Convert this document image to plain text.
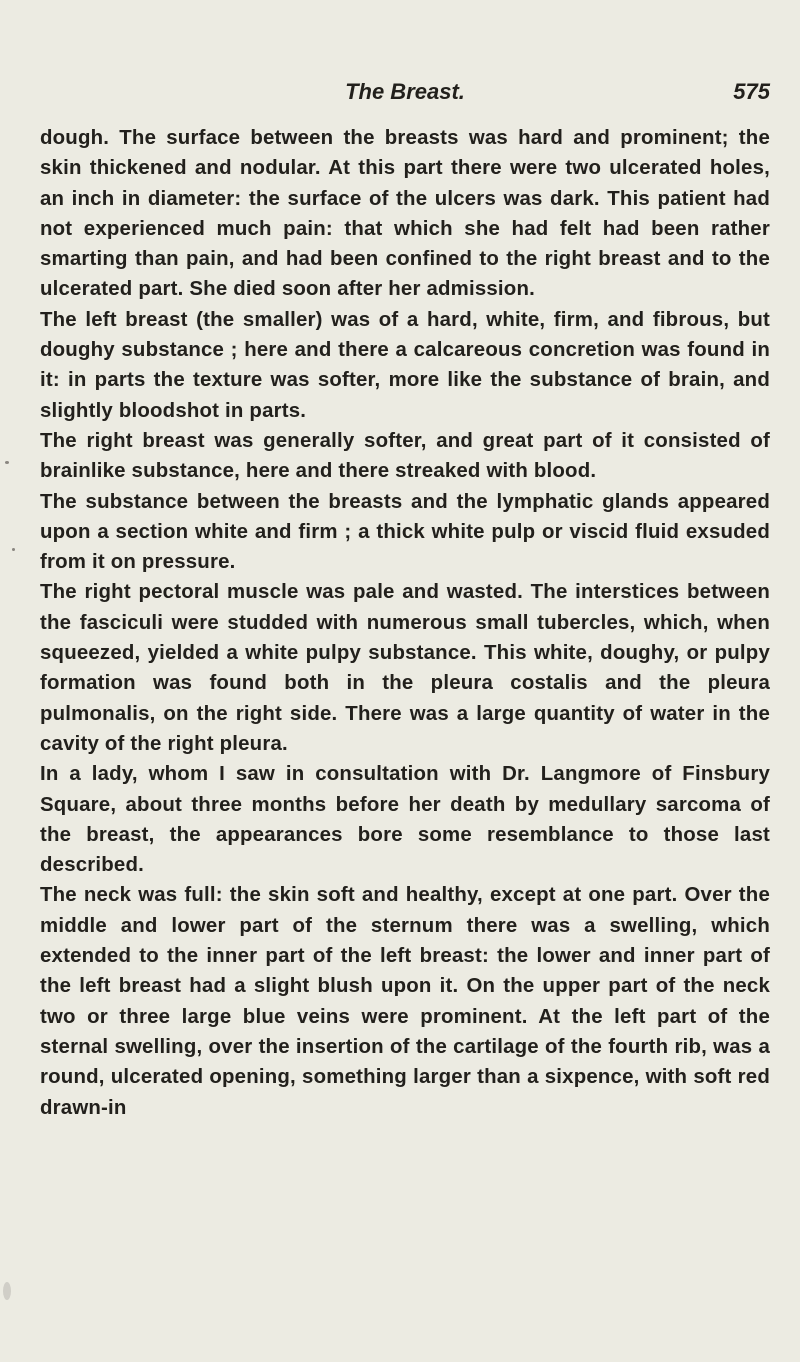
The Breast.	575

dough. The surface between the breasts was hard and prominent; the skin thickened and nodular. At this part there were two ulcerated holes, an inch in diameter: the surface of the ulcers was dark. This patient had not experienced much pain: that which she had felt had been rather smarting than pain, and had been confined to the right breast and to the ulcerated part. She died soon after her admission.

The left breast (the smaller) was of a hard, white, firm, and fibrous, but doughy substance ; here and there a calcareous concretion was found in it: in parts the texture was softer, more like the substance of brain, and slightly bloodshot in parts.

The right breast was generally softer, and great part of it consisted of brainlike substance, here and there streaked with blood.

The substance between the breasts and the lymphatic glands appeared upon a section white and firm ; a thick white pulp or viscid fluid exsuded from it on pressure.

The right pectoral muscle was pale and wasted. The interstices between the fasciculi were studded with numerous small tubercles, which, when squeezed, yielded a white pulpy substance. This white, doughy, or pulpy formation was found both in the pleura costalis and the pleura pulmonalis, on the right side. There was a large quantity of water in the cavity of the right pleura.

In a lady, whom I saw in consultation with Dr. Langmore of Finsbury Square, about three months before her death by medullary sarcoma of the breast, the appearances bore some resemblance to those last described.

The neck was full: the skin soft and healthy, except at one part. Over the middle and lower part of the sternum there was a swelling, which extended to the inner part of the left breast: the lower and inner part of the left breast had a slight blush upon it. On the upper part of the neck two or three large blue veins were prominent. At the left part of the sternal swelling, over the insertion of the cartilage of the fourth rib, was a round, ulcerated opening, something larger than a sixpence, with soft red drawn-in
